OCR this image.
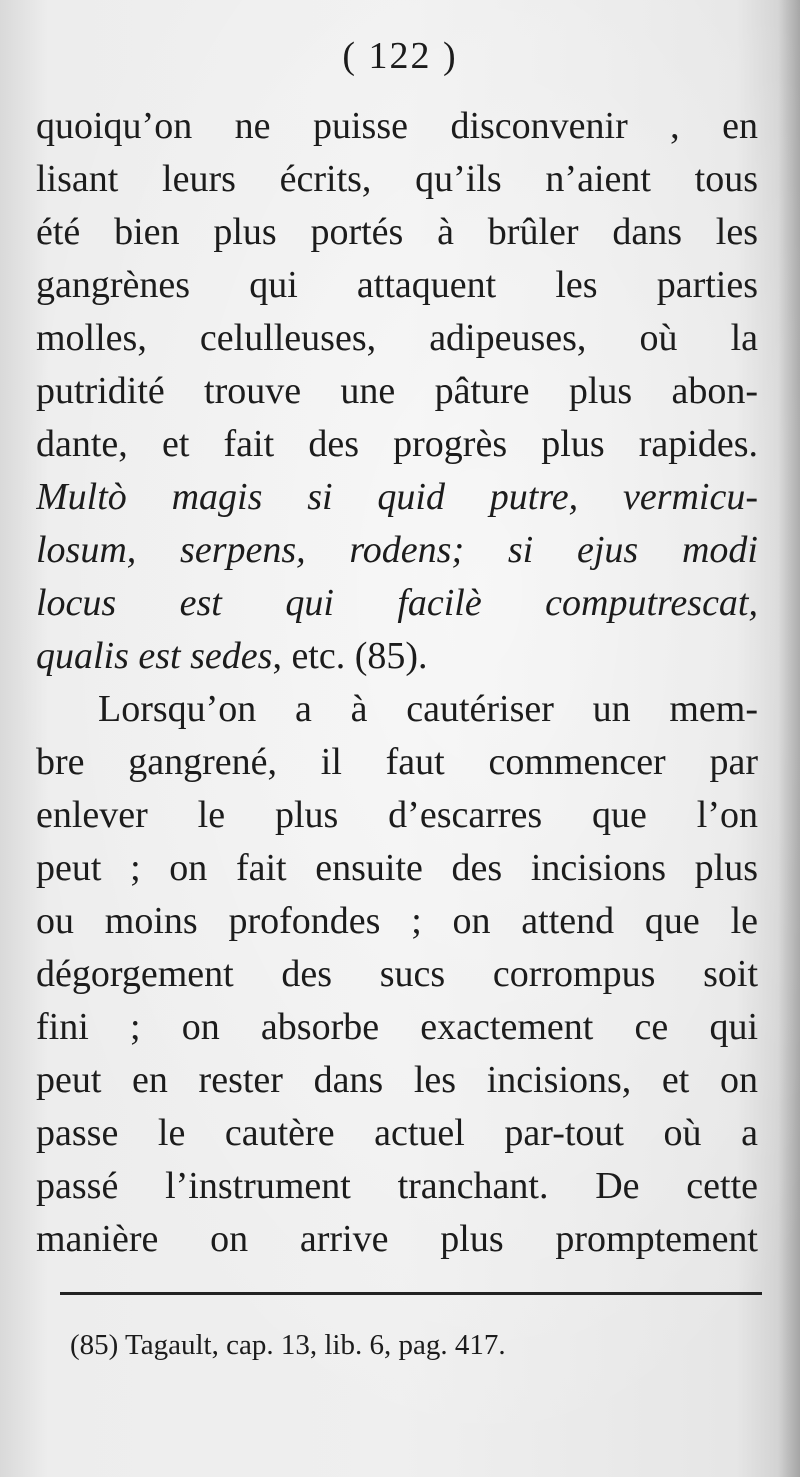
( 122 )
quoiqu’on ne puisse disconvenir , en
lisant leurs écrits, qu’ils n’aient tous
été bien plus portés à brûler dans les
gangrènes qui attaquent les parties
molles, celulleuses, adipeuses, où la
putridité trouve une pâture plus abon-
dante, et fait des progrès plus rapides.
Multò magis si quid putre, vermicu-
losum, serpens, rodens; si ejus modi
locus est qui facilè computrescat,
qualis est sedes, etc. (85).
Lorsqu’on a à cautériser un mem-
bre gangrené, il faut commencer par
enlever le plus d’escarres que l’on
peut ; on fait ensuite des incisions plus
ou moins profondes ; on attend que le
dégorgement des sucs corrompus soit
fini ; on absorbe exactement ce qui
peut en rester dans les incisions, et on
passe le cautère actuel par-tout où a
passé l’instrument tranchant. De cette
manière on arrive plus promptement
(85) Tagault, cap. 13, lib. 6, pag. 417.
